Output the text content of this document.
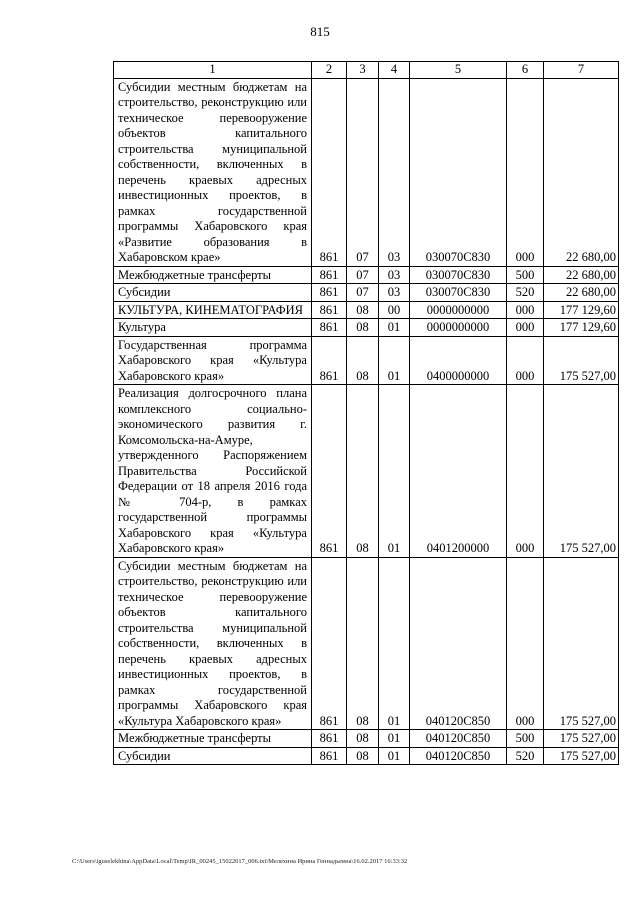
815
1	2	3	4	5	6	7
Субсидии местным бюджетам на строительство, реконструкцию или техническое перевооружение объектов капитального строительства муниципальной собственности, включенных в перечень краевых адресных инвестиционных проектов, в рамках государственной программы Хабаровского края «Развитие образования в Хабаровском крае»	861	07	03	030070C830	000	22 680,00
Межбюджетные трансферты	861	07	03	030070C830	500	22 680,00
Субсидии	861	07	03	030070C830	520	22 680,00
КУЛЬТУРА, КИНЕМАТОГРАФИЯ	861	08	00	0000000000	000	177 129,60
Культура	861	08	01	0000000000	000	177 129,60
Государственная программа Хабаровского края «Культура Хабаровского края»	861	08	01	0400000000	000	175 527,00
Реализация долгосрочного плана комплексного социально-экономического развития г. Комсомольска-на-Амуре, утвержденного Распоряжением Правительства Российской Федерации от 18 апреля 2016 года № 704-р, в рамках государственной программы Хабаровского края «Культура Хабаровского края»	861	08	01	0401200000	000	175 527,00
Субсидии местным бюджетам на строительство, реконструкцию или техническое перевооружение объектов капитального строительства муниципальной собственности, включенных в перечень краевых адресных инвестиционных проектов, в рамках государственной программы Хабаровского края «Культура Хабаровского края»	861	08	01	040120C850	000	175 527,00
Межбюджетные трансферты	861	08	01	040120C850	500	175 527,00
Субсидии	861	08	01	040120C850	520	175 527,00
C:\Users\iguselekhina\AppData\Local\Temp\IR_00245_15022017_006.txt\Мелехина Ирина Геннадьевна\16.02.2017 16:33:32
